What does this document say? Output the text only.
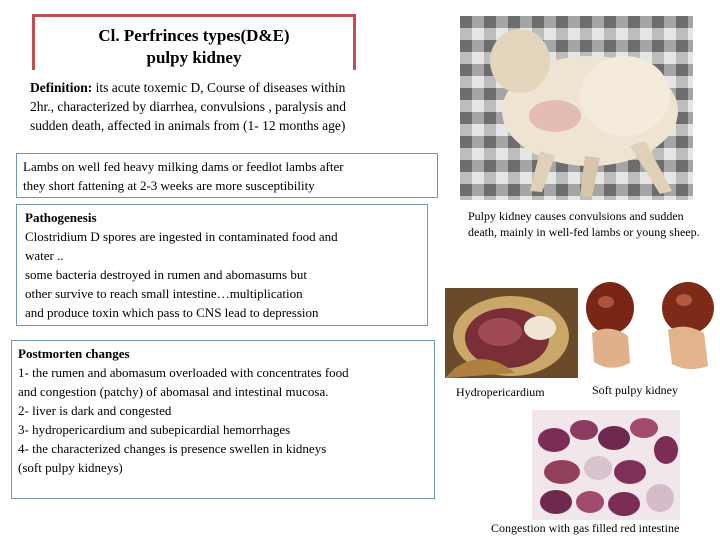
Cl. Perfrinces types(D&E)
pulpy kidney
Definition: its acute toxemic D, Course of diseases within
2hr., characterized by diarrhea, convulsions , paralysis and
sudden death, affected in animals from (1- 12 months age)
Lambs on well fed heavy milking dams or feedlot lambs after
they short fattening at 2-3 weeks are more susceptibility
Pathogenesis
Clostridium D spores are ingested in contaminated food and
water ..
some bacteria destroyed in rumen and abomasums but
other survive to reach small intestine…multiplication
and produce toxin which pass to CNS lead to depression
Postmorten changes
1- the rumen and abomasum overloaded with concentrates food
and congestion (patchy) of abomasal and intestinal mucosa.
2- liver is dark and congested
3- hydropericardium and subepicardial hemorrhages
4- the characterized changes is presence swellen in kidneys
(soft pulpy kidneys)
Pulpy kidney causes convulsions and sudden death, mainly in well-fed lambs or young sheep.
Hydropericardium	Soft pulpy kidney
Congestion with gas filled red intestine
